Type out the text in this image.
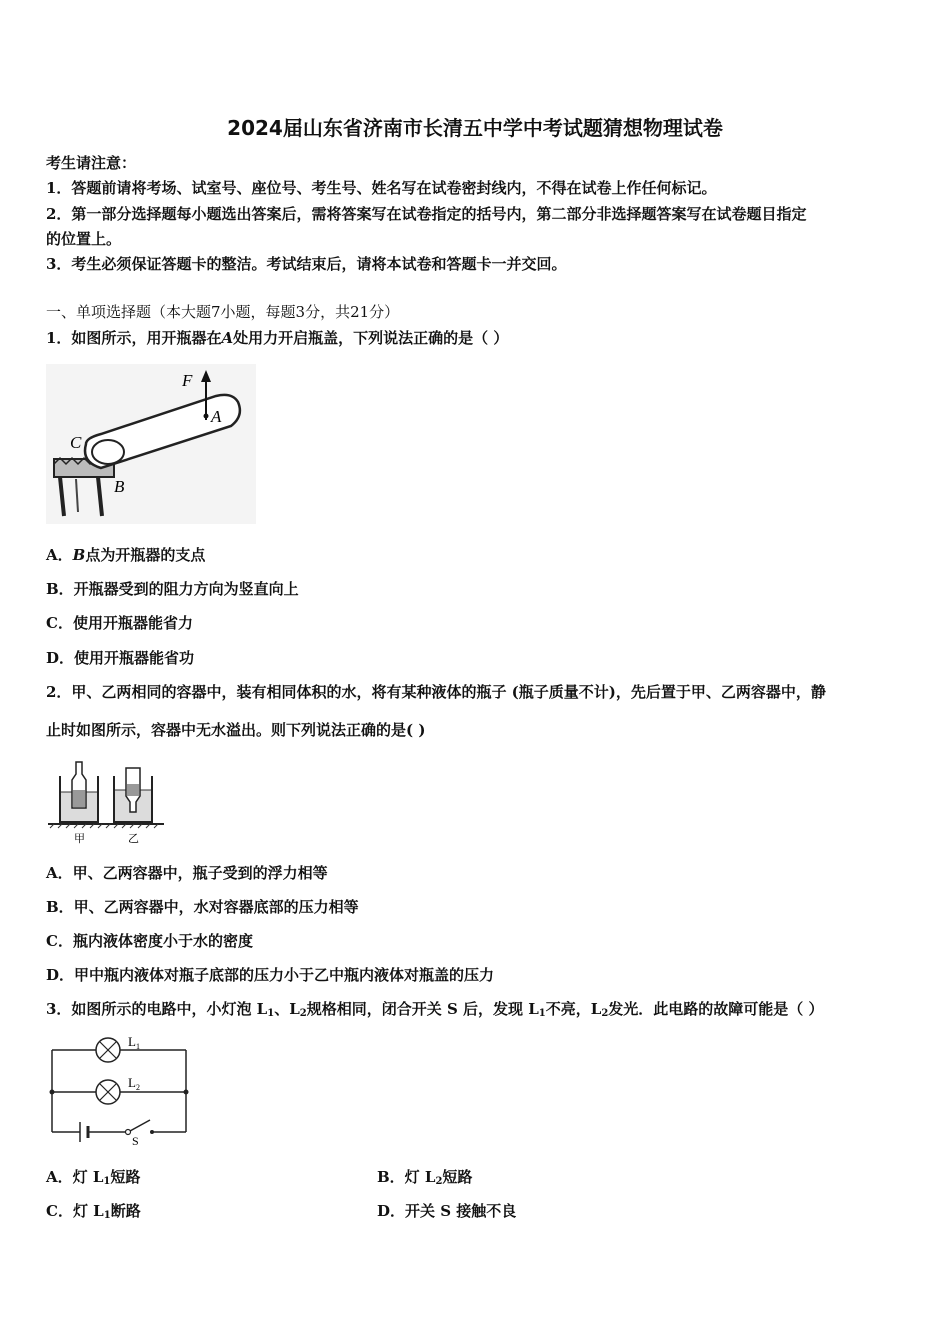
2024届山东省济南市长清五中学中考试题猜想物理试卷
考生请注意：
1．答题前请将考场、试室号、座位号、考生号、姓名写在试卷密封线内，不得在试卷上作任何标记。
2．第一部分选择题每小题选出答案后，需将答案写在试卷指定的括号内，第二部分非选择题答案写在试卷题目指定
的位置上。
3．考生必须保证答题卡的整洁。考试结束后，请将本试卷和答题卡一并交回。
一、单项选择题（本大题7小题，每题3分，共21分）
1．如图所示，用开瓶器在A处用力开启瓶盖，下列说法正确的是（ ）
F
A
C
B
A．B点为开瓶器的支点
B．开瓶器受到的阻力方向为竖直向上
C．使用开瓶器能省力
D．使用开瓶器能省功
2．甲、乙两相同的容器中，装有相同体积的水，将有某种液体的瓶子 (瓶子质量不计)，先后置于甲、乙两容器中，静
止时如图所示，容器中无水溢出。则下列说法正确的是( )
甲	乙
A．甲、乙两容器中，瓶子受到的浮力相等
B．甲、乙两容器中，水对容器底部的压力相等
C．瓶内液体密度小于水的密度
D．甲中瓶内液体对瓶子底部的压力小于乙中瓶内液体对瓶盖的压力
3．如图所示的电路中，小灯泡 $L_1$、$L_2$规格相同，闭合开关 S 后，发现 $L_1$不亮，$L_2$发光．此电路的故障可能是（ ）
$L_1$
$L_2$
S
A．灯 $L_1$短路	B．灯 $L_2$短路
C．灯 $L_1$断路	D．开关 S 接触不良
